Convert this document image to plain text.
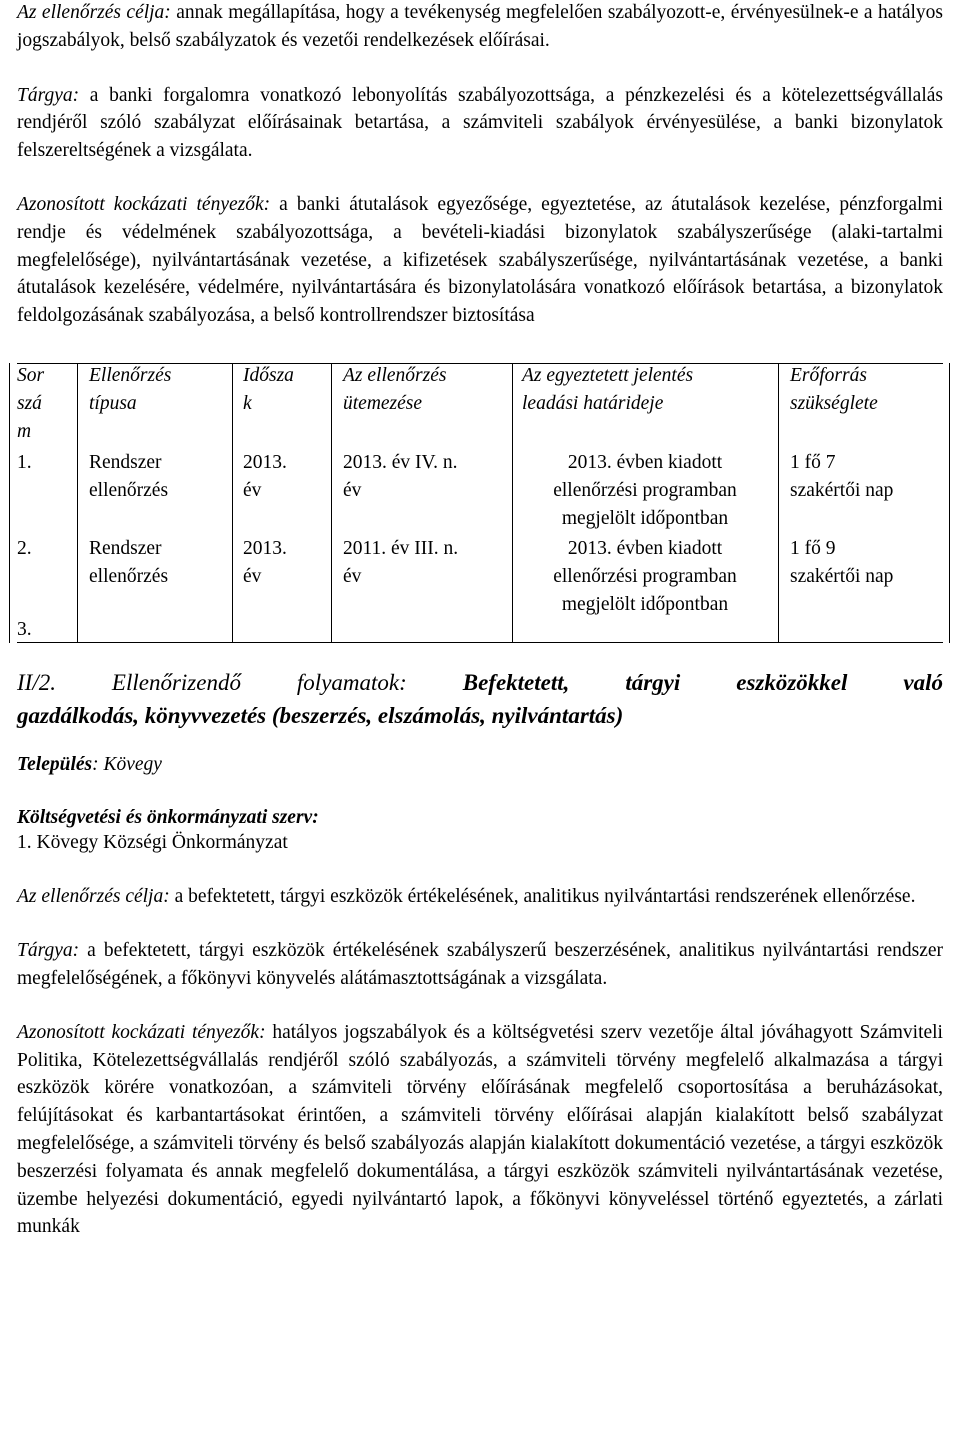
Az ellenőrzés célja: annak megállapítása, hogy a tevékenység megfelelően szabályozott-e, érvényesülnek-e a hatályos jogszabályok, belső szabályzatok és vezetői rendelkezések előírásai.

Tárgya: a banki forgalomra vonatkozó lebonyolítás szabályozottsága, a pénzkezelési és a kötelezettségvállalás rendjéről szóló szabályzat előírásainak betartása, a számviteli szabályok érvényesülése, a banki bizonylatok felszereltségének a vizsgálata.

Azonosított kockázati tényezők: a banki átutalások egyezősége, egyeztetése, az átutalások kezelése, pénzforgalmi rendje és védelmének szabályozottsága, a bevételi-kiadási bizonylatok szabályszerűsége (alaki-tartalmi megfelelősége), nyilvántartásának vezetése, a kifizetések szabályszerűsége, nyilvántartásának vezetése, a banki átutalások kezelésére, védelmére, nyilvántartására és bizonylatolására vonatkozó előírások betartása, a bizonylatok feldolgozásának szabályozása, a belső kontrollrendszer biztosítása

Sor
szá
m
Ellenőrzés
típusa
Idősza
k
Az ellenőrzés
ütemezése
Az egyeztetett jelentés
leadási határideje
Erőforrás
szükséglete
1.	Rendszer
ellenőrzés
2013.
év
2013. év IV. n.
év
2013. évben kiadott
ellenőrzési programban
megjelölt időpontban
1 fő 7
szakértői nap
2.	Rendszer
ellenőrzés
2013.
év
2011. év III. n.
év
2013. évben kiadott
ellenőrzési programban
megjelölt időpontban
1 fő 9
szakértői nap
3.
II/2. Ellenőrizendő folyamatok: Befektetett, tárgyi eszközökkel való
gazdálkodás, könyvvezetés (beszerzés, elszámolás, nyilvántartás)

Település: Kövegy

Költségvetési és önkormányzati szerv:

1. Kövegy Községi Önkormányzat

Az ellenőrzés célja: a befektetett, tárgyi eszközök értékelésének, analitikus nyilvántartási rendszerének ellenőrzése.

Tárgya: a befektetett, tárgyi eszközök értékelésének szabályszerű beszerzésének, analitikus nyilvántartási rendszer megfelelőségének, a főkönyvi könyvelés alátámasztottságának a vizsgálata.

Azonosított kockázati tényezők: hatályos jogszabályok és a költségvetési szerv vezetője által jóváhagyott Számviteli Politika, Kötelezettségvállalás rendjéről szóló szabályozás, a számviteli törvény megfelelő alkalmazása a tárgyi eszközök körére vonatkozóan, a számviteli törvény előírásának megfelelő csoportosítása a beruházásokat, felújításokat és karbantartásokat érintően, a számviteli törvény előírásai alapján kialakított belső szabályzat megfelelősége, a számviteli törvény és belső szabályozás alapján kialakított dokumentáció vezetése, a tárgyi eszközök beszerzési folyamata és annak megfelelő dokumentálása, a tárgyi eszközök számviteli nyilvántartásának vezetése, üzembe helyezési dokumentáció, egyedi nyilvántartó lapok, a főkönyvi könyveléssel történő egyeztetés, a zárlati munkák
